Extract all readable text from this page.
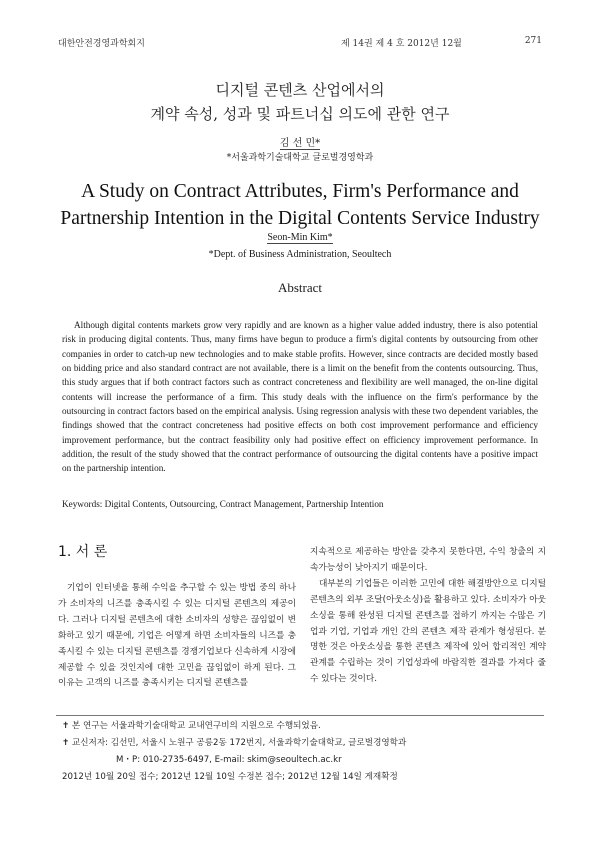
대한안전경영과학회지	제 14권 제 4 호 2012년 12월	271
디지털 콘텐츠 산업에서의
계약 속성, 성과 및 파트너십 의도에 관한 연구
김 선 민*
*서울과학기술대학교 글로벌경영학과
A Study on Contract Attributes, Firm's Performance and
Partnership Intention in the Digital Contents Service Industry
Seon-Min Kim*
*Dept. of Business Administration, Seoultech
Abstract

Although digital contents markets grow very rapidly and are known as a higher value added industry, there is also potential risk in producing digital contents. Thus, many firms have begun to produce a firm's digital contents by outsourcing from other companies in order to catch-up new technologies and to make stable profits. However, since contracts are decided mostly based on bidding price and also standard contract are not available, there is a limit on the benefit from the contents outsourcing. Thus, this study argues that if both contract factors such as contract concreteness and flexibility are well managed, the on-line digital contents will increase the performance of a firm. This study deals with the influence on the firm's performance by the outsourcing in contract factors based on the empirical analysis. Using regression analysis with these two dependent variables, the findings showed that the contract concreteness had positive effects on both cost improvement performance and efficiency improvement performance, but the contract feasibility only had positive effect on efficiency improvement performance. In addition, the result of the study showed that the contract performance of outsourcing the digital contents have a positive impact on the partnership intention.

Keywords: Digital Contents, Outsourcing, Contract Management, Partnership Intention
1. 서 론

기업이 인터넷을 통해 수익을 추구할 수 있는 방법 중의 하나가 소비자의 니즈를 충족시킬 수 있는 디지털 콘텐츠의 제공이다. 그러나 디지털 콘텐츠에 대한 소비자의 성향은 끊임없이 변화하고 있기 때문에, 기업은 어떻게 하면 소비자들의 니즈를 충족시킬 수 있는 디지털 콘텐츠를 경쟁기업보다 신속하게 시장에 제공할 수 있을 것인지에 대한 고민을 끊임없이 하게 된다. 그 이유는 고객의 니즈를 충족시키는 디지털 콘텐츠를

지속적으로 제공하는 방안을 갖추지 못한다면, 수익 창출의 지속가능성이 낮아지기 때문이다.

대부분의 기업들은 이러한 고민에 대한 해결방안으로 디지털 콘텐츠의 외부 조달(아웃소싱)을 활용하고 있다. 소비자가 아웃소싱을 통해 완성된 디지털 콘텐츠를 접하기 까지는 수많은 기업과 기업, 기업과 개인 간의 콘텐츠 제작 관계가 형성된다. 분명한 것은 아웃소싱을 통한 콘텐츠 제작에 있어 합리적인 계약관계를 수립하는 것이 기업성과에 바람직한 결과를 가져다 줄 수 있다는 것이다.

✝ 본 연구는 서울과학기술대학교 교내연구비의 지원으로 수행되었음.
✝ 교신저자: 김선민, 서울시 노원구 공릉2동 172번지, 서울과학기술대학교, 글로벌경영학과
M・P: 010-2735-6497, E-mail: skim@seoultech.ac.kr
2012년 10월 20일 접수; 2012년 12월 10일 수정본 접수; 2012년 12월 14일 게재확정
